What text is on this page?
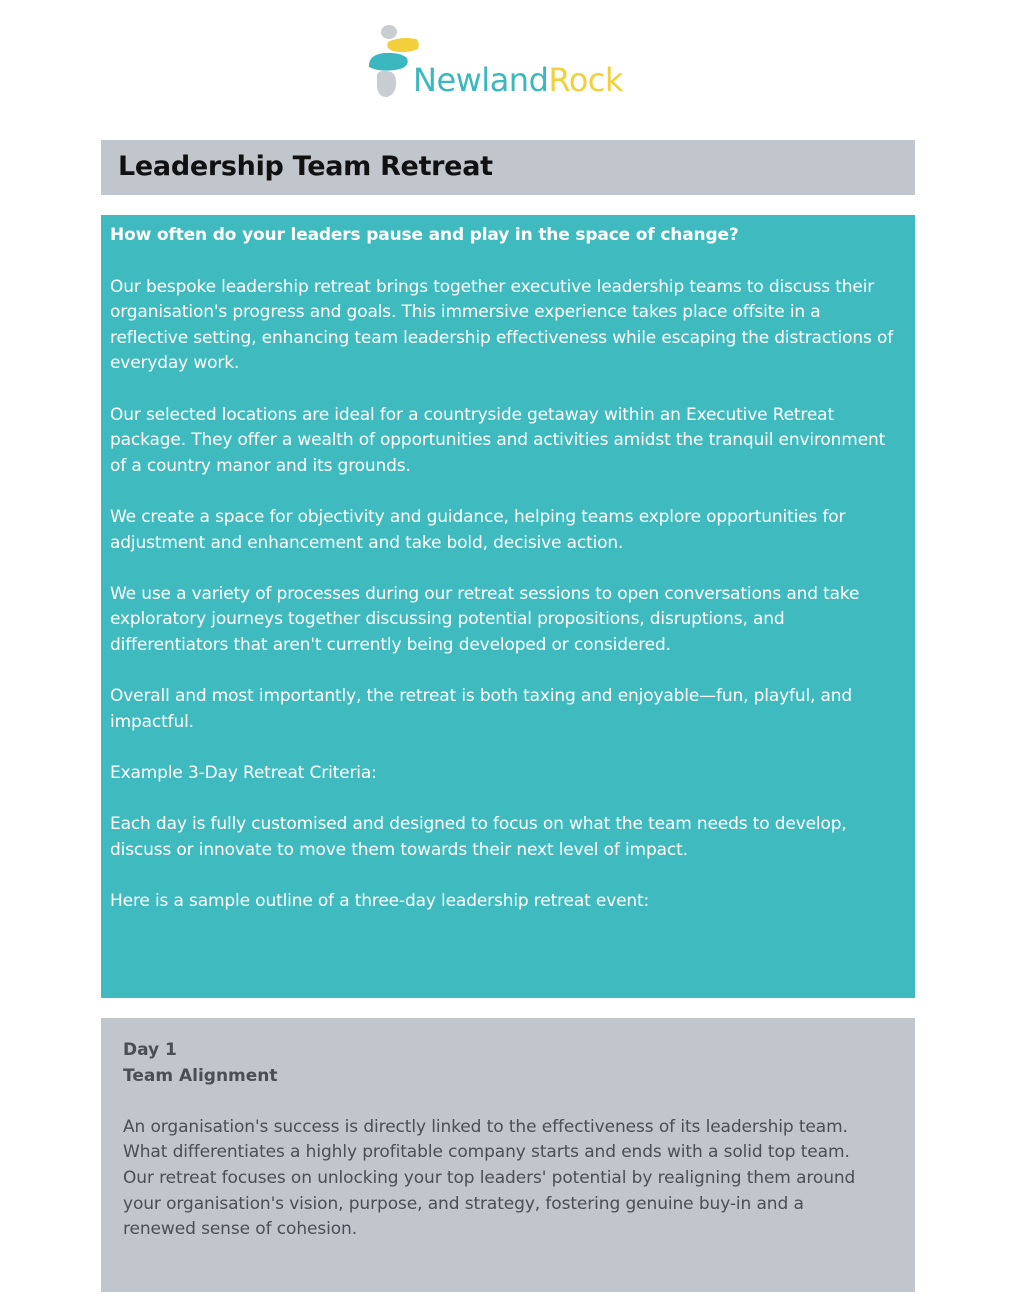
NewlandRock
Leadership Team Retreat

How often do your leaders pause and play in the space of change?

Our bespoke leadership retreat brings together executive leadership teams to discuss their organisation's progress and goals. This immersive experience takes place offsite in a reflective setting, enhancing team leadership effectiveness while escaping the distractions of everyday work.

Our selected locations are ideal for a countryside getaway within an Executive Retreat package. They offer a wealth of opportunities and activities amidst the tranquil environment of a country manor and its grounds.

We create a space for objectivity and guidance, helping teams explore opportunities for adjustment and enhancement and take bold, decisive action.

We use a variety of processes during our retreat sessions to open conversations and take exploratory journeys together discussing potential propositions, disruptions, and differentiators that aren't currently being developed or considered.

Overall and most importantly, the retreat is both taxing and enjoyable—fun, playful, and impactful.

Example 3-Day Retreat Criteria:

Each day is fully customised and designed to focus on what the team needs to develop, discuss or innovate to move them towards their next level of impact.

Here is a sample outline of a three-day leadership retreat event:

Day 1

Team Alignment

An organisation's success is directly linked to the effectiveness of its leadership team. What differentiates a highly profitable company starts and ends with a solid top team. Our retreat focuses on unlocking your top leaders' potential by realigning them around your organisation's vision, purpose, and strategy, fostering genuine buy-in and a renewed sense of cohesion.
